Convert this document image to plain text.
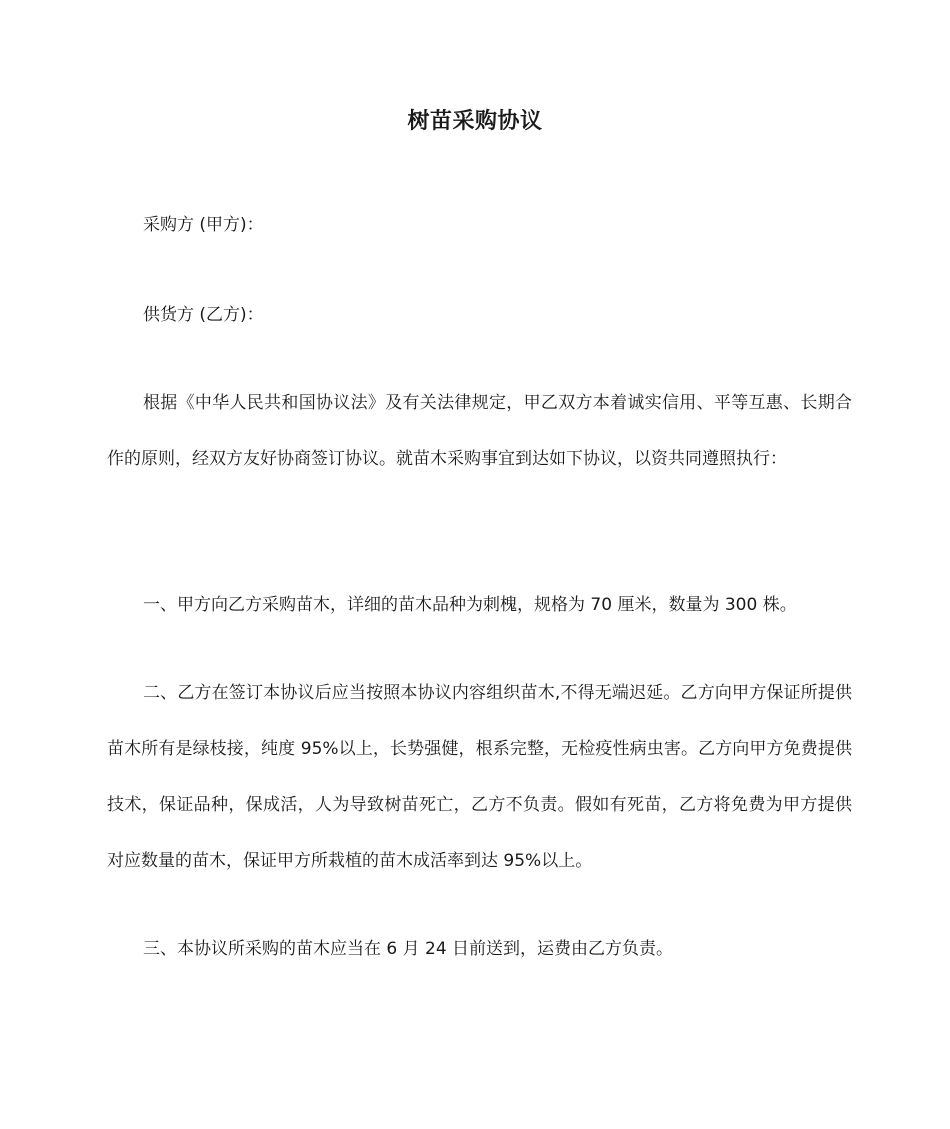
树苗采购协议

采购方 (甲方)：

供货方 (乙方)：

根据《中华人民共和国协议法》及有关法律规定，甲乙双方本着诚实信用、平等互惠、长期合作的原则，经双方友好协商签订协议。就苗木采购事宜到达如下协议，以资共同遵照执行：

一、甲方向乙方采购苗木，详细的苗木品种为刺槐，规格为 70 厘米，数量为 300 株。

二、乙方在签订本协议后应当按照本协议内容组织苗木,不得无端迟延。乙方向甲方保证所提供苗木所有是绿枝接，纯度 95%以上，长势强健，根系完整，无检疫性病虫害。乙方向甲方免费提供技术，保证品种，保成活，人为导致树苗死亡，乙方不负责。假如有死苗，乙方将免费为甲方提供对应数量的苗木，保证甲方所栽植的苗木成活率到达 95%以上。

三、本协议所采购的苗木应当在 6 月 24 日前送到，运费由乙方负责。
